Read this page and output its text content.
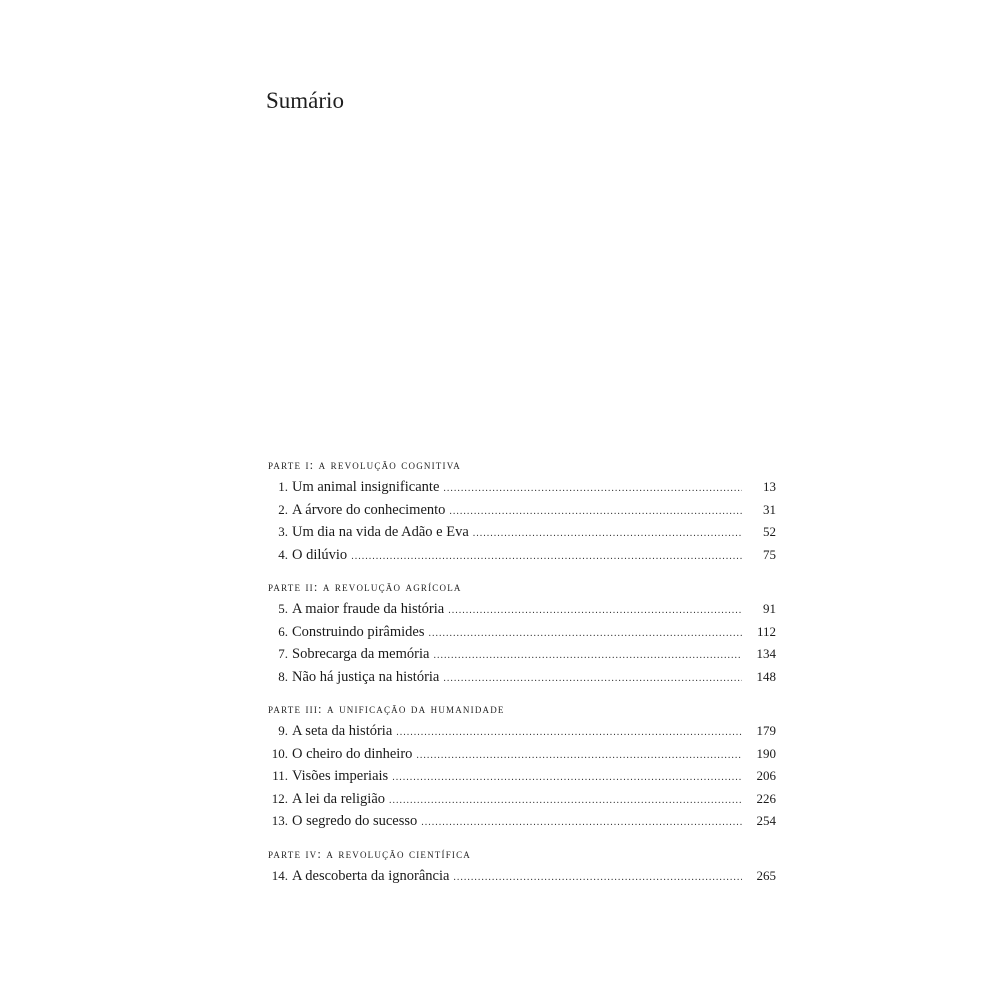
Sumário
parte i: a revolução cognitiva
1. Um animal insignificante .....	13
2. A árvore do conhecimento .....	31
3. Um dia na vida de Adão e Eva .....	52
4. O dilúvio .....	75
parte ii: a revolução agrícola
5. A maior fraude da história .....	91
6. Construindo pirâmides .....	112
7. Sobrecarga da memória .....	134
8. Não há justiça na história .....	148
parte iii: a unificação da humanidade
9. A seta da história .....	179
10. O cheiro do dinheiro .....	190
11. Visões imperiais .....	206
12. A lei da religião .....	226
13. O segredo do sucesso .....	254
parte iv: a revolução científica
14. A descoberta da ignorância .....	265
